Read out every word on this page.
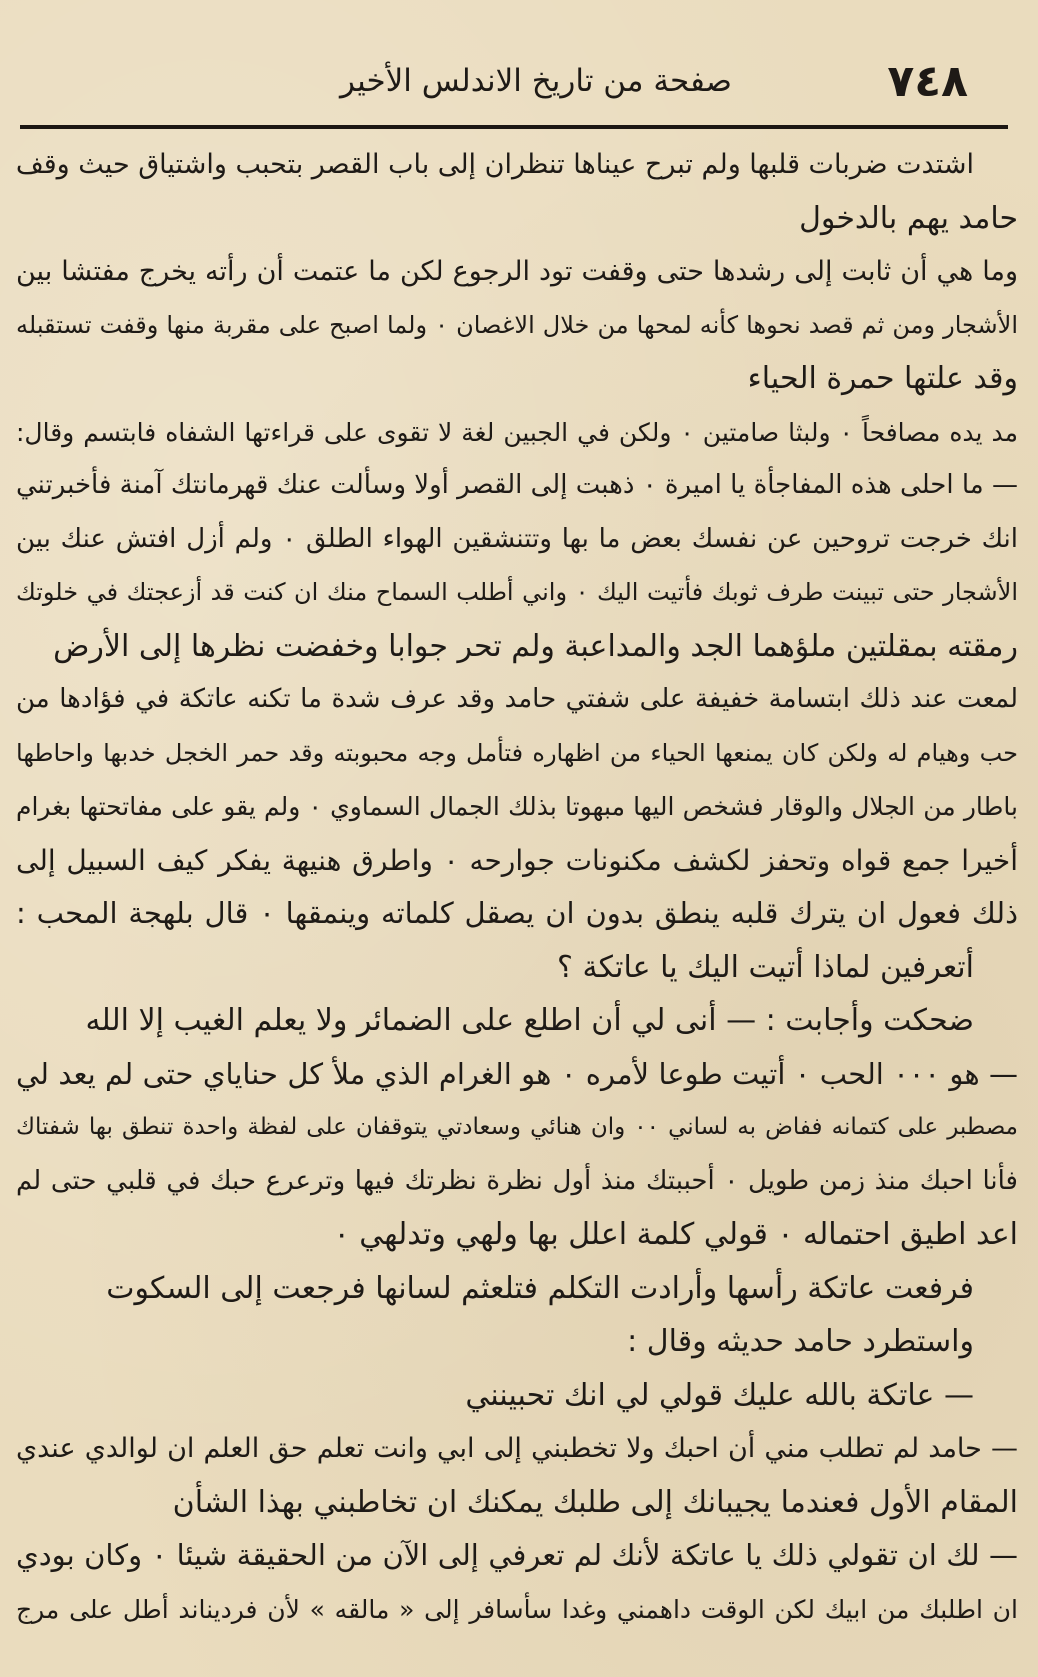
٧٤٨
صفحة من تاريخ الاندلس الأخير
اشتدت ضربات قلبها ولم تبرح عيناها تنظران إلى باب القصر بتحبب واشتياق حيث وقف
حامد يهم بالدخول
وما هي أن ثابت إلى رشدها حتى وقفت تود الرجوع لكن ما عتمت أن رأته يخرج مفتشا بين
الأشجار ومن ثم قصد نحوها كأنه لمحها من خلال الاغصان ٠ ولما اصبح على مقربة منها وقفت تستقبله
وقد علتها حمرة الحياء
مد يده مصافحاً ٠ ولبثا صامتين ٠ ولكن في الجبين لغة لا تقوى على قراءتها الشفاه فابتسم وقال:
— ما احلى هذه المفاجأة يا اميرة ٠ ذهبت إلى القصر أولا وسألت عنك قهرمانتك آمنة فأخبرتني
انك خرجت تروحين عن نفسك بعض ما بها وتتنشقين الهواء الطلق ٠ ولم أزل افتش عنك بين
الأشجار حتى تبينت طرف ثوبك فأتيت اليك ٠ واني أطلب السماح منك ان كنت قد أزعجتك في خلوتك
رمقته بمقلتين ملؤهما الجد والمداعبة ولم تحر جوابا وخفضت نظرها إلى الأرض
لمعت عند ذلك ابتسامة خفيفة على شفتي حامد وقد عرف شدة ما تكنه عاتكة في فؤادها من
حب وهيام له ولكن كان يمنعها الحياء من اظهاره فتأمل وجه محبوبته وقد حمر الخجل خدبها واحاطها
باطار من الجلال والوقار فشخص اليها مبهوتا بذلك الجمال السماوي ٠ ولم يقو على مفاتحتها بغرام
أخيرا جمع قواه وتحفز لكشف مكنونات جوارحه ٠ واطرق هنيهة يفكر كيف السبيل إلى
ذلك فعول ان يترك قلبه ينطق بدون ان يصقل كلماته وينمقها ٠ قال بلهجة المحب :
أتعرفين لماذا أتيت اليك يا عاتكة ؟
ضحكت وأجابت : — أنى لي أن اطلع على الضمائر ولا يعلم الغيب إلا الله
— هو ٠٠٠ الحب ٠ أتيت طوعا لأمره ٠ هو الغرام الذي ملأ كل حناياي حتى لم يعد لي
مصطبر على كتمانه ففاض به لساني ٠٠ وان هنائي وسعادتي يتوقفان على لفظة واحدة تنطق بها شفتاك
فأنا احبك منذ زمن طويل ٠ أحببتك منذ أول نظرة نظرتك فيها وترعرع حبك في قلبي حتى لم
اعد اطيق احتماله ٠ قولي كلمة اعلل بها ولهي وتدلهي ٠
فرفعت عاتكة رأسها وأرادت التكلم فتلعثم لسانها فرجعت إلى السكوت
واستطرد حامد حديثه وقال :
— عاتكة بالله عليك قولي لي انك تحبينني
— حامد لم تطلب مني أن احبك ولا تخطبني إلى ابي وانت تعلم حق العلم ان لوالدي عندي
المقام الأول فعندما يجيبانك إلى طلبك يمكنك ان تخاطبني بهذا الشأن
— لك ان تقولي ذلك يا عاتكة لأنك لم تعرفي إلى الآن من الحقيقة شيئا ٠ وكان بودي
ان اطلبك من ابيك لكن الوقت داهمني وغدا سأسافر إلى « مالقه » لأن فرديناند أطل على مرج
